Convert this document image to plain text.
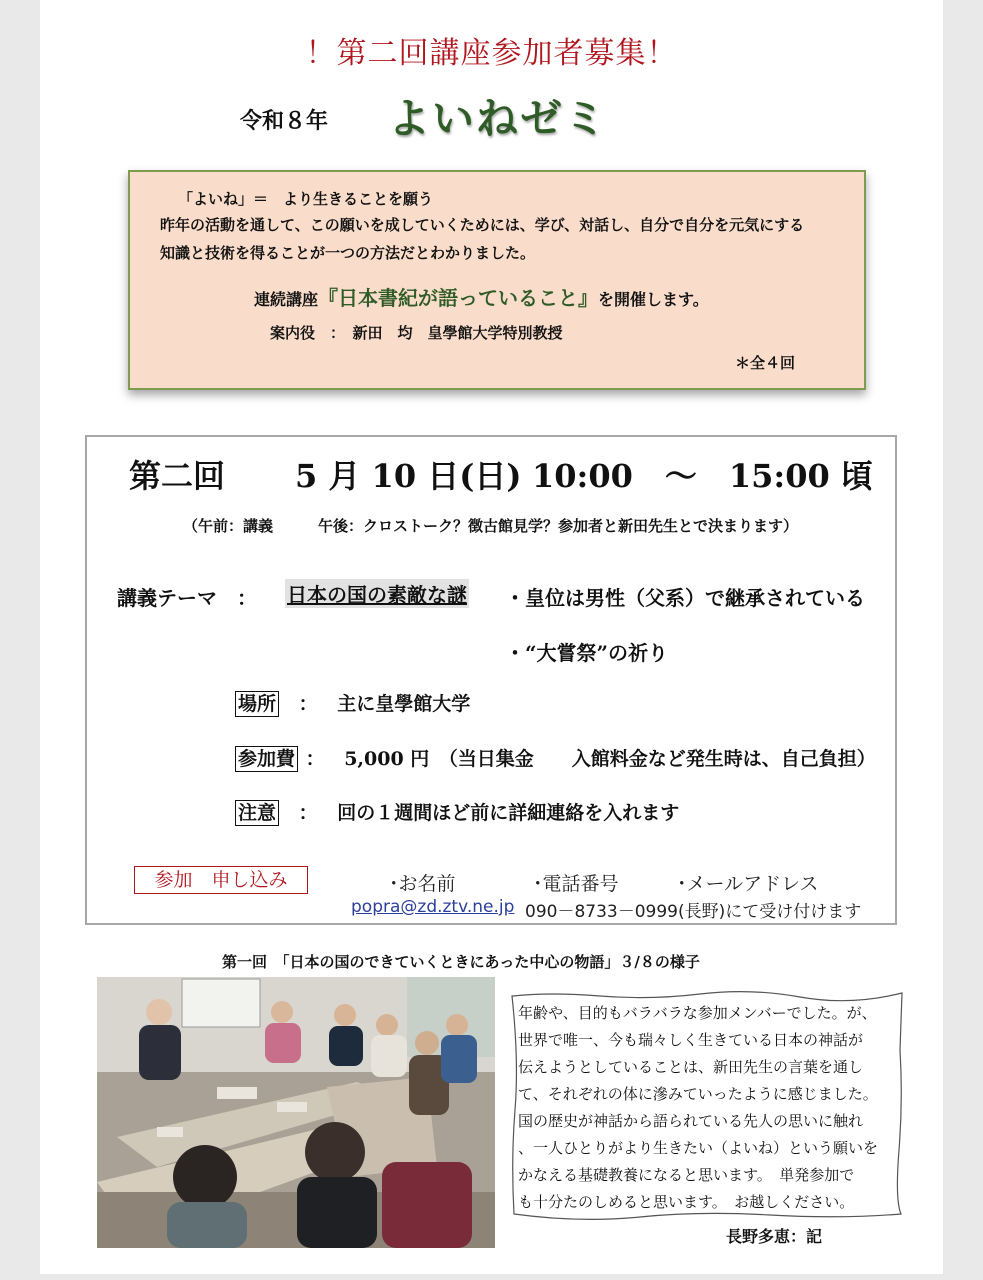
！第二回講座参加者募集！
令和８年 よいねゼミ
「よいね」＝　より生きることを願う
昨年の活動を通して、この願いを成していくためには、学び、対話し、自分で自分を元気にする
知識と技術を得ることが一つの方法だとわかりました。
連続講座『日本書紀が語っていること』を開催します。
案内役　：　新田　均　皇學館大学特別教授
＊全４回
第二回 5 月 10 日(日) 10:00　～　15:00 頃
（午前：講義　　　午後：クロストーク？徴古館見学？参加者と新田先生とで決まります）
講義テーマ　： 日本の国の素敵な謎 ・皇位は男性（父系）で継承されている
・“大嘗祭”の祈り
場所 ： 主に皇學館大学
参加費 ： 5,000 円　（当日集金　　入館料金など発生時は、自己負担）
注意 ： 回の１週間ほど前に詳細連絡を入れます
参加　申し込み	･お名前	･電話番号	･メールアドレス
popra@zd.ztv.ne.jp 090－8733－0999(長野)にて受け付けます
第一回　「日本の国のできていくときにあった中心の物語」３/８の様子
年齢や、目的もバラバラな参加メンバーでした。が、
世界で唯一、今も瑞々しく生きている日本の神話が
伝えようとしていることは、新田先生の言葉を通し
て、それぞれの体に滲みていったように感じました。
国の歴史が神話から語られている先人の思いに触れ
、一人ひとりがより生きたい（よいね）という願いを
かなえる基礎教養になると思います。　単発参加で
も十分たのしめると思います。　お越しください。
長野多恵：記
